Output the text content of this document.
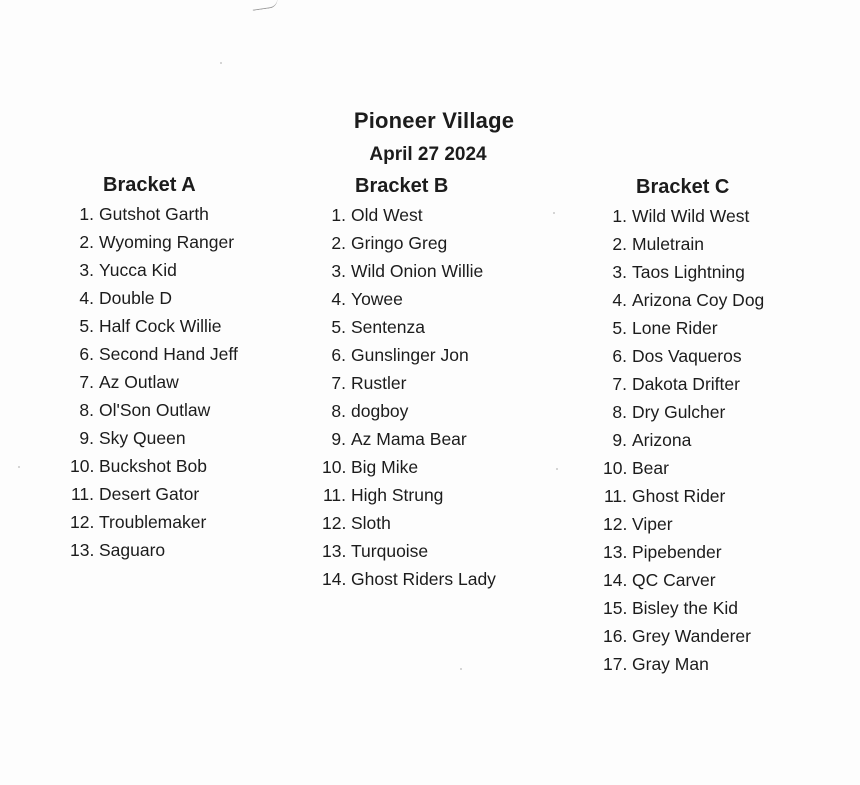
Pioneer Village
April 27 2024
Bracket A
1. Gutshot Garth
2. Wyoming Ranger
3. Yucca Kid
4. Double D
5. Half Cock Willie
6. Second Hand Jeff
7. Az Outlaw
8. Ol'Son Outlaw
9. Sky Queen
10. Buckshot Bob
11. Desert Gator
12. Troublemaker
13. Saguaro
Bracket B
1. Old West
2. Gringo Greg
3. Wild Onion Willie
4. Yowee
5. Sentenza
6. Gunslinger Jon
7. Rustler
8. dogboy
9. Az Mama Bear
10. Big Mike
11. High Strung
12. Sloth
13. Turquoise
14. Ghost Riders Lady
Bracket C
1. Wild Wild West
2. Muletrain
3. Taos Lightning
4. Arizona Coy Dog
5. Lone Rider
6. Dos Vaqueros
7. Dakota Drifter
8. Dry Gulcher
9. Arizona
10. Bear
11. Ghost Rider
12. Viper
13. Pipebender
14. QC Carver
15. Bisley the Kid
16. Grey Wanderer
17. Gray Man
